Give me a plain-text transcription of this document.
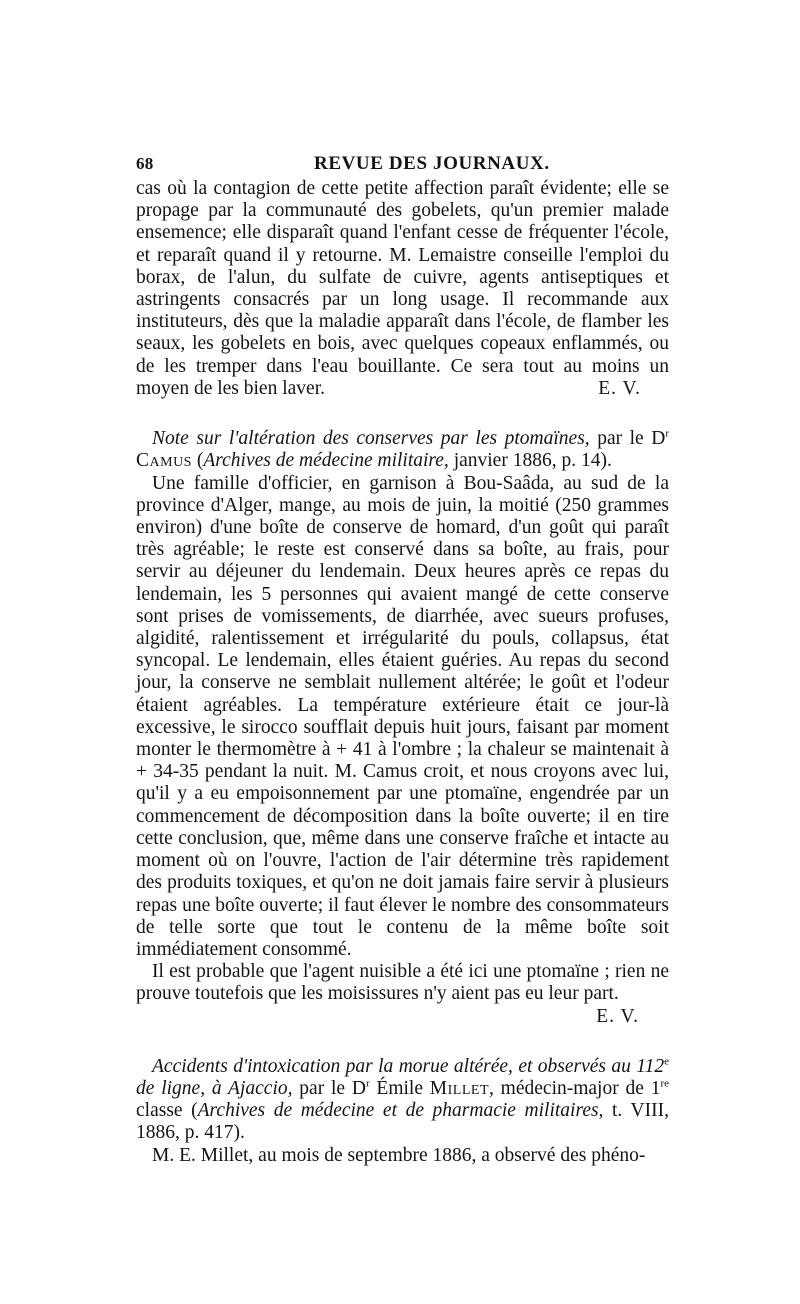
68	REVUE DES JOURNAUX.

cas où la contagion de cette petite affection paraît évidente; elle se propage par la communauté des gobelets, qu'un premier malade ensemence; elle disparaît quand l'enfant cesse de fréquenter l'école, et reparaît quand il y retourne. M. Lemaistre conseille l'emploi du borax, de l'alun, du sulfate de cuivre, agents antiseptiques et astringents consacrés par un long usage. Il recommande aux instituteurs, dès que la maladie apparaît dans l'école, de flamber les seaux, les gobelets en bois, avec quelques copeaux enflammés, ou de les tremper dans l'eau bouillante. Ce sera tout au moins un moyen de les bien laver.	E. V.

Note sur l'altération des conserves par les ptomaïnes, par le $D^r$ Camus (Archives de médecine militaire, janvier 1886, p. 14).

Une famille d'officier, en garnison à Bou-Saâda, au sud de la province d'Alger, mange, au mois de juin, la moitié (250 grammes environ) d'une boîte de conserve de homard, d'un goût qui paraît très agréable; le reste est conservé dans sa boîte, au frais, pour servir au déjeuner du lendemain. Deux heures après ce repas du lendemain, les 5 personnes qui avaient mangé de cette conserve sont prises de vomissements, de diarrhée, avec sueurs profuses, algidité, ralentissement et irrégularité du pouls, collapsus, état syncopal. Le lendemain, elles étaient guéries. Au repas du second jour, la conserve ne semblait nullement altérée; le goût et l'odeur étaient agréables. La température extérieure était ce jour-là excessive, le sirocco soufflait depuis huit jours, faisant par moment monter le thermomètre à + 41 à l'ombre ; la chaleur se maintenait à + 34-35 pendant la nuit. M. Camus croit, et nous croyons avec lui, qu'il y a eu empoisonnement par une ptomaïne, engendrée par un commencement de décomposition dans la boîte ouverte; il en tire cette conclusion, que, même dans une conserve fraîche et intacte au moment où on l'ouvre, l'action de l'air détermine très rapidement des produits toxiques, et qu'on ne doit jamais faire servir à plusieurs repas une boîte ouverte; il faut élever le nombre des consommateurs de telle sorte que tout le contenu de la même boîte soit immédiatement consommé.

Il est probable que l'agent nuisible a été ici une ptomaïne ; rien ne prouve toutefois que les moisissures n'y aient pas eu leur part.

E. V.

Accidents d'intoxication par la morue altérée, et observés au 112e de ligne, à Ajaccio, par le $D^r$ Émile Millet, médecin-major de 1re classe (Archives de médecine et de pharmacie militaires, t. VIII, 1886, p. 417).

M. E. Millet, au mois de septembre 1886, a observé des phéno-
